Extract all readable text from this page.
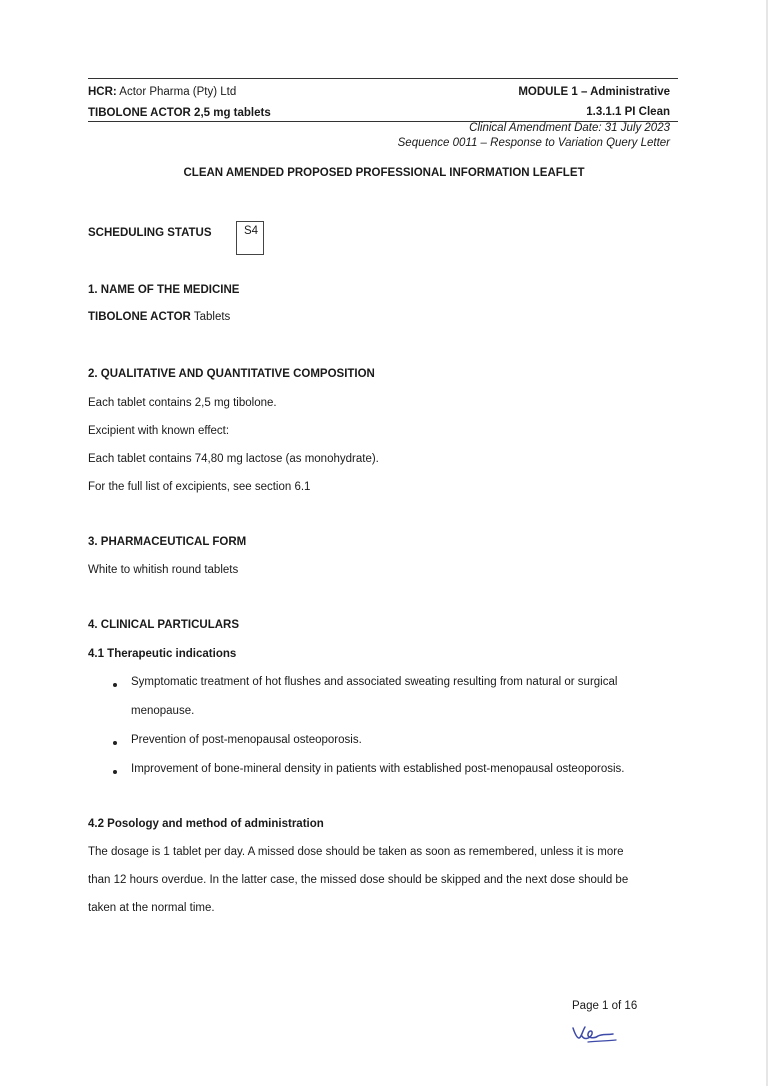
HCR: Actor Pharma (Pty) Ltd	MODULE 1 – Administrative
TIBOLONE ACTOR 2,5 mg tablets	1.3.1.1 PI Clean
Clinical Amendment Date: 31 July 2023
Sequence 0011 – Response to Variation Query Letter
CLEAN AMENDED PROPOSED PROFESSIONAL INFORMATION LEAFLET
SCHEDULING STATUS	S4
1. NAME OF THE MEDICINE
TIBOLONE ACTOR Tablets
2. QUALITATIVE AND QUANTITATIVE COMPOSITION
Each tablet contains 2,5 mg tibolone.
Excipient with known effect:
Each tablet contains 74,80 mg lactose (as monohydrate).
For the full list of excipients, see section 6.1
3. PHARMACEUTICAL FORM
White to whitish round tablets
4. CLINICAL PARTICULARS
4.1 Therapeutic indications
Symptomatic treatment of hot flushes and associated sweating resulting from natural or surgical
menopause.
Prevention of post-menopausal osteoporosis.
Improvement of bone-mineral density in patients with established post-menopausal osteoporosis.
4.2 Posology and method of administration
The dosage is 1 tablet per day. A missed dose should be taken as soon as remembered, unless it is more
than 12 hours overdue. In the latter case, the missed dose should be skipped and the next dose should be
taken at the normal time.
Page 1 of 16
